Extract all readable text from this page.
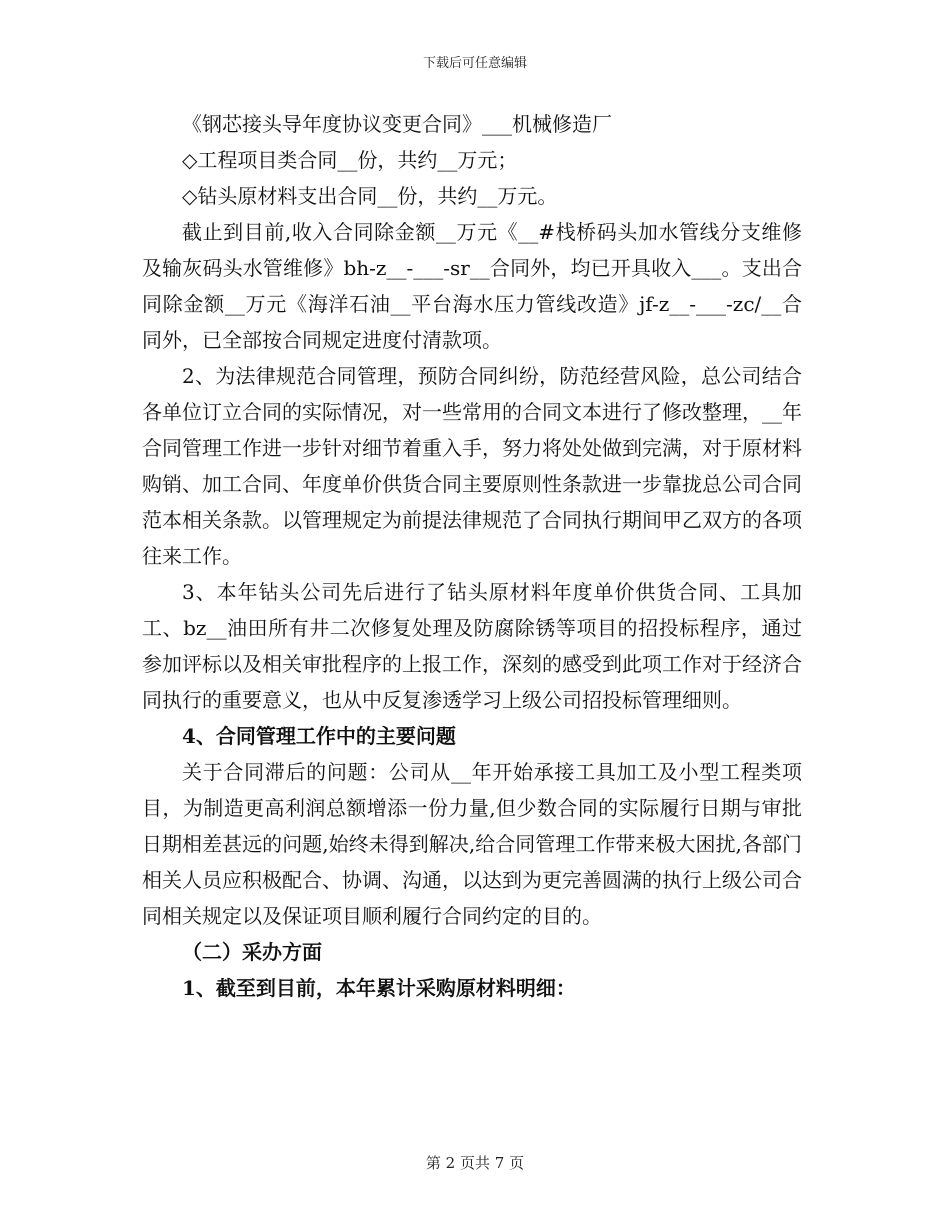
下载后可任意编辑

《钢芯接头导年度协议变更合同》___机械修造厂

◇工程项目类合同__份，共约__万元；

◇钻头原材料支出合同__份，共约__万元。

截止到目前,收入合同除金额__万元《__#栈桥码头加水管线分支维修及输灰码头水管维修》bh-z__-___-sr__合同外，均已开具收入___。支出合同除金额__万元《海洋石油__平台海水压力管线改造》jf-z__-___-zc/__合同外，已全部按合同规定进度付清款项。

2、为法律规范合同管理，预防合同纠纷，防范经营风险，总公司结合各单位订立合同的实际情况，对一些常用的合同文本进行了修改整理，__年合同管理工作进一步针对细节着重入手，努力将处处做到完满，对于原材料购销、加工合同、年度单价供货合同主要原则性条款进一步靠拢总公司合同范本相关条款。以管理规定为前提法律规范了合同执行期间甲乙双方的各项往来工作。

3、本年钻头公司先后进行了钻头原材料年度单价供货合同、工具加工、bz__油田所有井二次修复处理及防腐除锈等项目的招投标程序，通过参加评标以及相关审批程序的上报工作，深刻的感受到此项工作对于经济合同执行的重要意义，也从中反复渗透学习上级公司招投标管理细则。

4、合同管理工作中的主要问题

关于合同滞后的问题：公司从__年开始承接工具加工及小型工程类项目，为制造更高利润总额增添一份力量,但少数合同的实际履行日期与审批日期相差甚远的问题,始终未得到解决,给合同管理工作带来极大困扰,各部门相关人员应积极配合、协调、沟通，以达到为更完善圆满的执行上级公司合同相关规定以及保证项目顺利履行合同约定的目的。

（二）采办方面

1、截至到目前，本年累计采购原材料明细：

第 2 页共 7 页
